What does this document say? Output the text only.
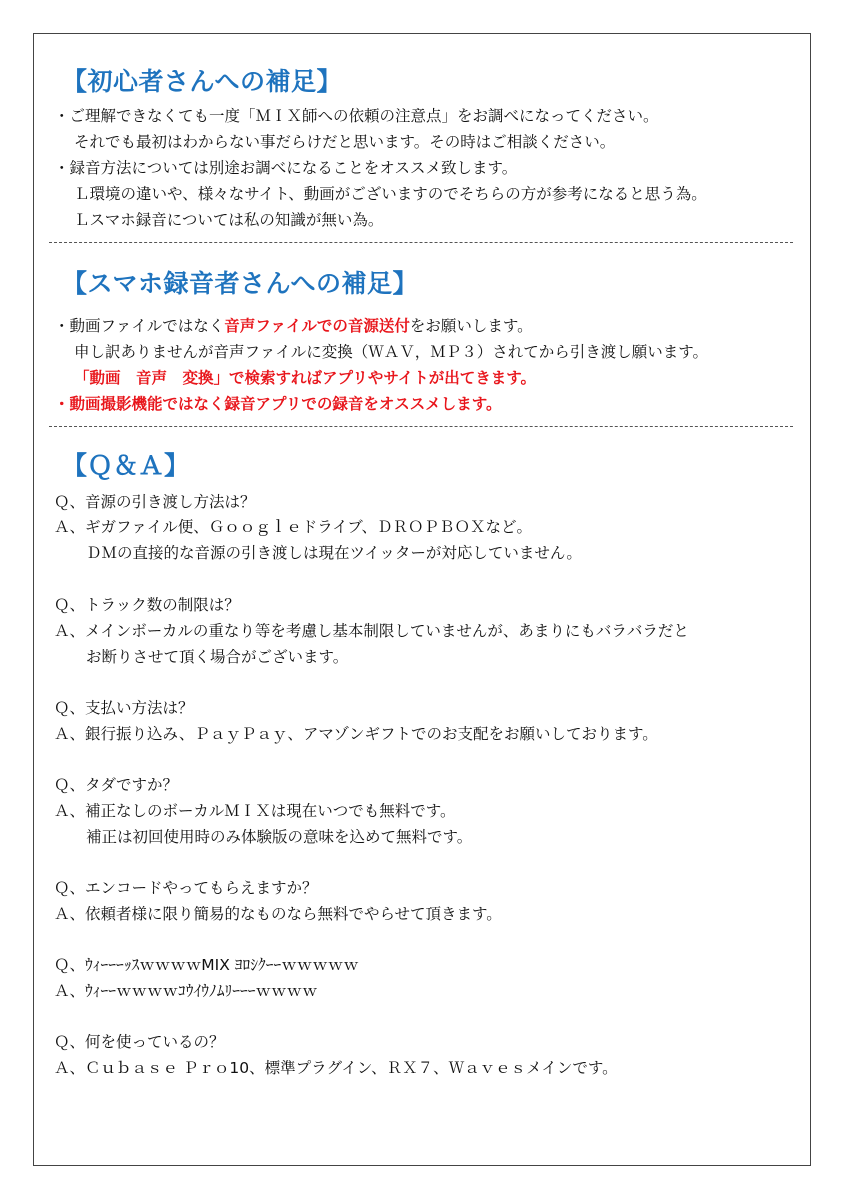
【初心者さんへの補足】

・ご理解できなくても一度「ＭＩＸ師への依頼の注意点」をお調べになってください。

それでも最初はわからない事だらけだと思います。その時はご相談ください。

・録音方法については別途お調べになることをオススメ致します。

Ｌ環境の違いや、様々なサイト、動画がございますのでそちらの方が参考になると思う為。

Ｌスマホ録音については私の知識が無い為。

【スマホ録音者さんへの補足】

・動画ファイルではなく音声ファイルでの音源送付をお願いします。

申し訳ありませんが音声ファイルに変換（ＷＡＶ，ＭＰ３）されてから引き渡し願います。

「動画　音声　変換」で検索すればアプリやサイトが出てきます。

・動画撮影機能ではなく録音アプリでの録音をオススメします。

【Ｑ＆Ａ】

Ｑ、音源の引き渡し方法は？

Ａ、ギガファイル便、Ｇｏｏｇｌｅドライブ、ＤＲＯＰＢＯＸなど。

ＤＭの直接的な音源の引き渡しは現在ツイッターが対応していません。

Ｑ、トラック数の制限は？

Ａ、メインボーカルの重なり等を考慮し基本制限していませんが、あまりにもバラバラだと

お断りさせて頂く場合がございます。

Ｑ、支払い方法は？

Ａ、銀行振り込み、ＰａｙＰａｙ、アマゾンギフトでのお支配をお願いしております。

Ｑ、タダですか？

Ａ、補正なしのボーカルＭＩＸは現在いつでも無料です。

補正は初回使用時のみ体験版の意味を込めて無料です。

Ｑ、エンコードやってもらえますか？

Ａ、依頼者様に限り簡易的なものなら無料でやらせて頂きます。

Ｑ、ｳｨｰｰｰｯｽｗｗｗｗMIX ﾖﾛｼｸｰｰｗｗｗｗｗ

Ａ、ｳｨｰｰｗｗｗｗｺｳｲｳﾉﾑﾘｰｰｰｗｗｗｗ

Ｑ、何を使っているの？

Ａ、Ｃｕｂａｓｅ Ｐｒｏ10、標準プラグイン、ＲＸ７、Ｗａｖｅｓメインです。
